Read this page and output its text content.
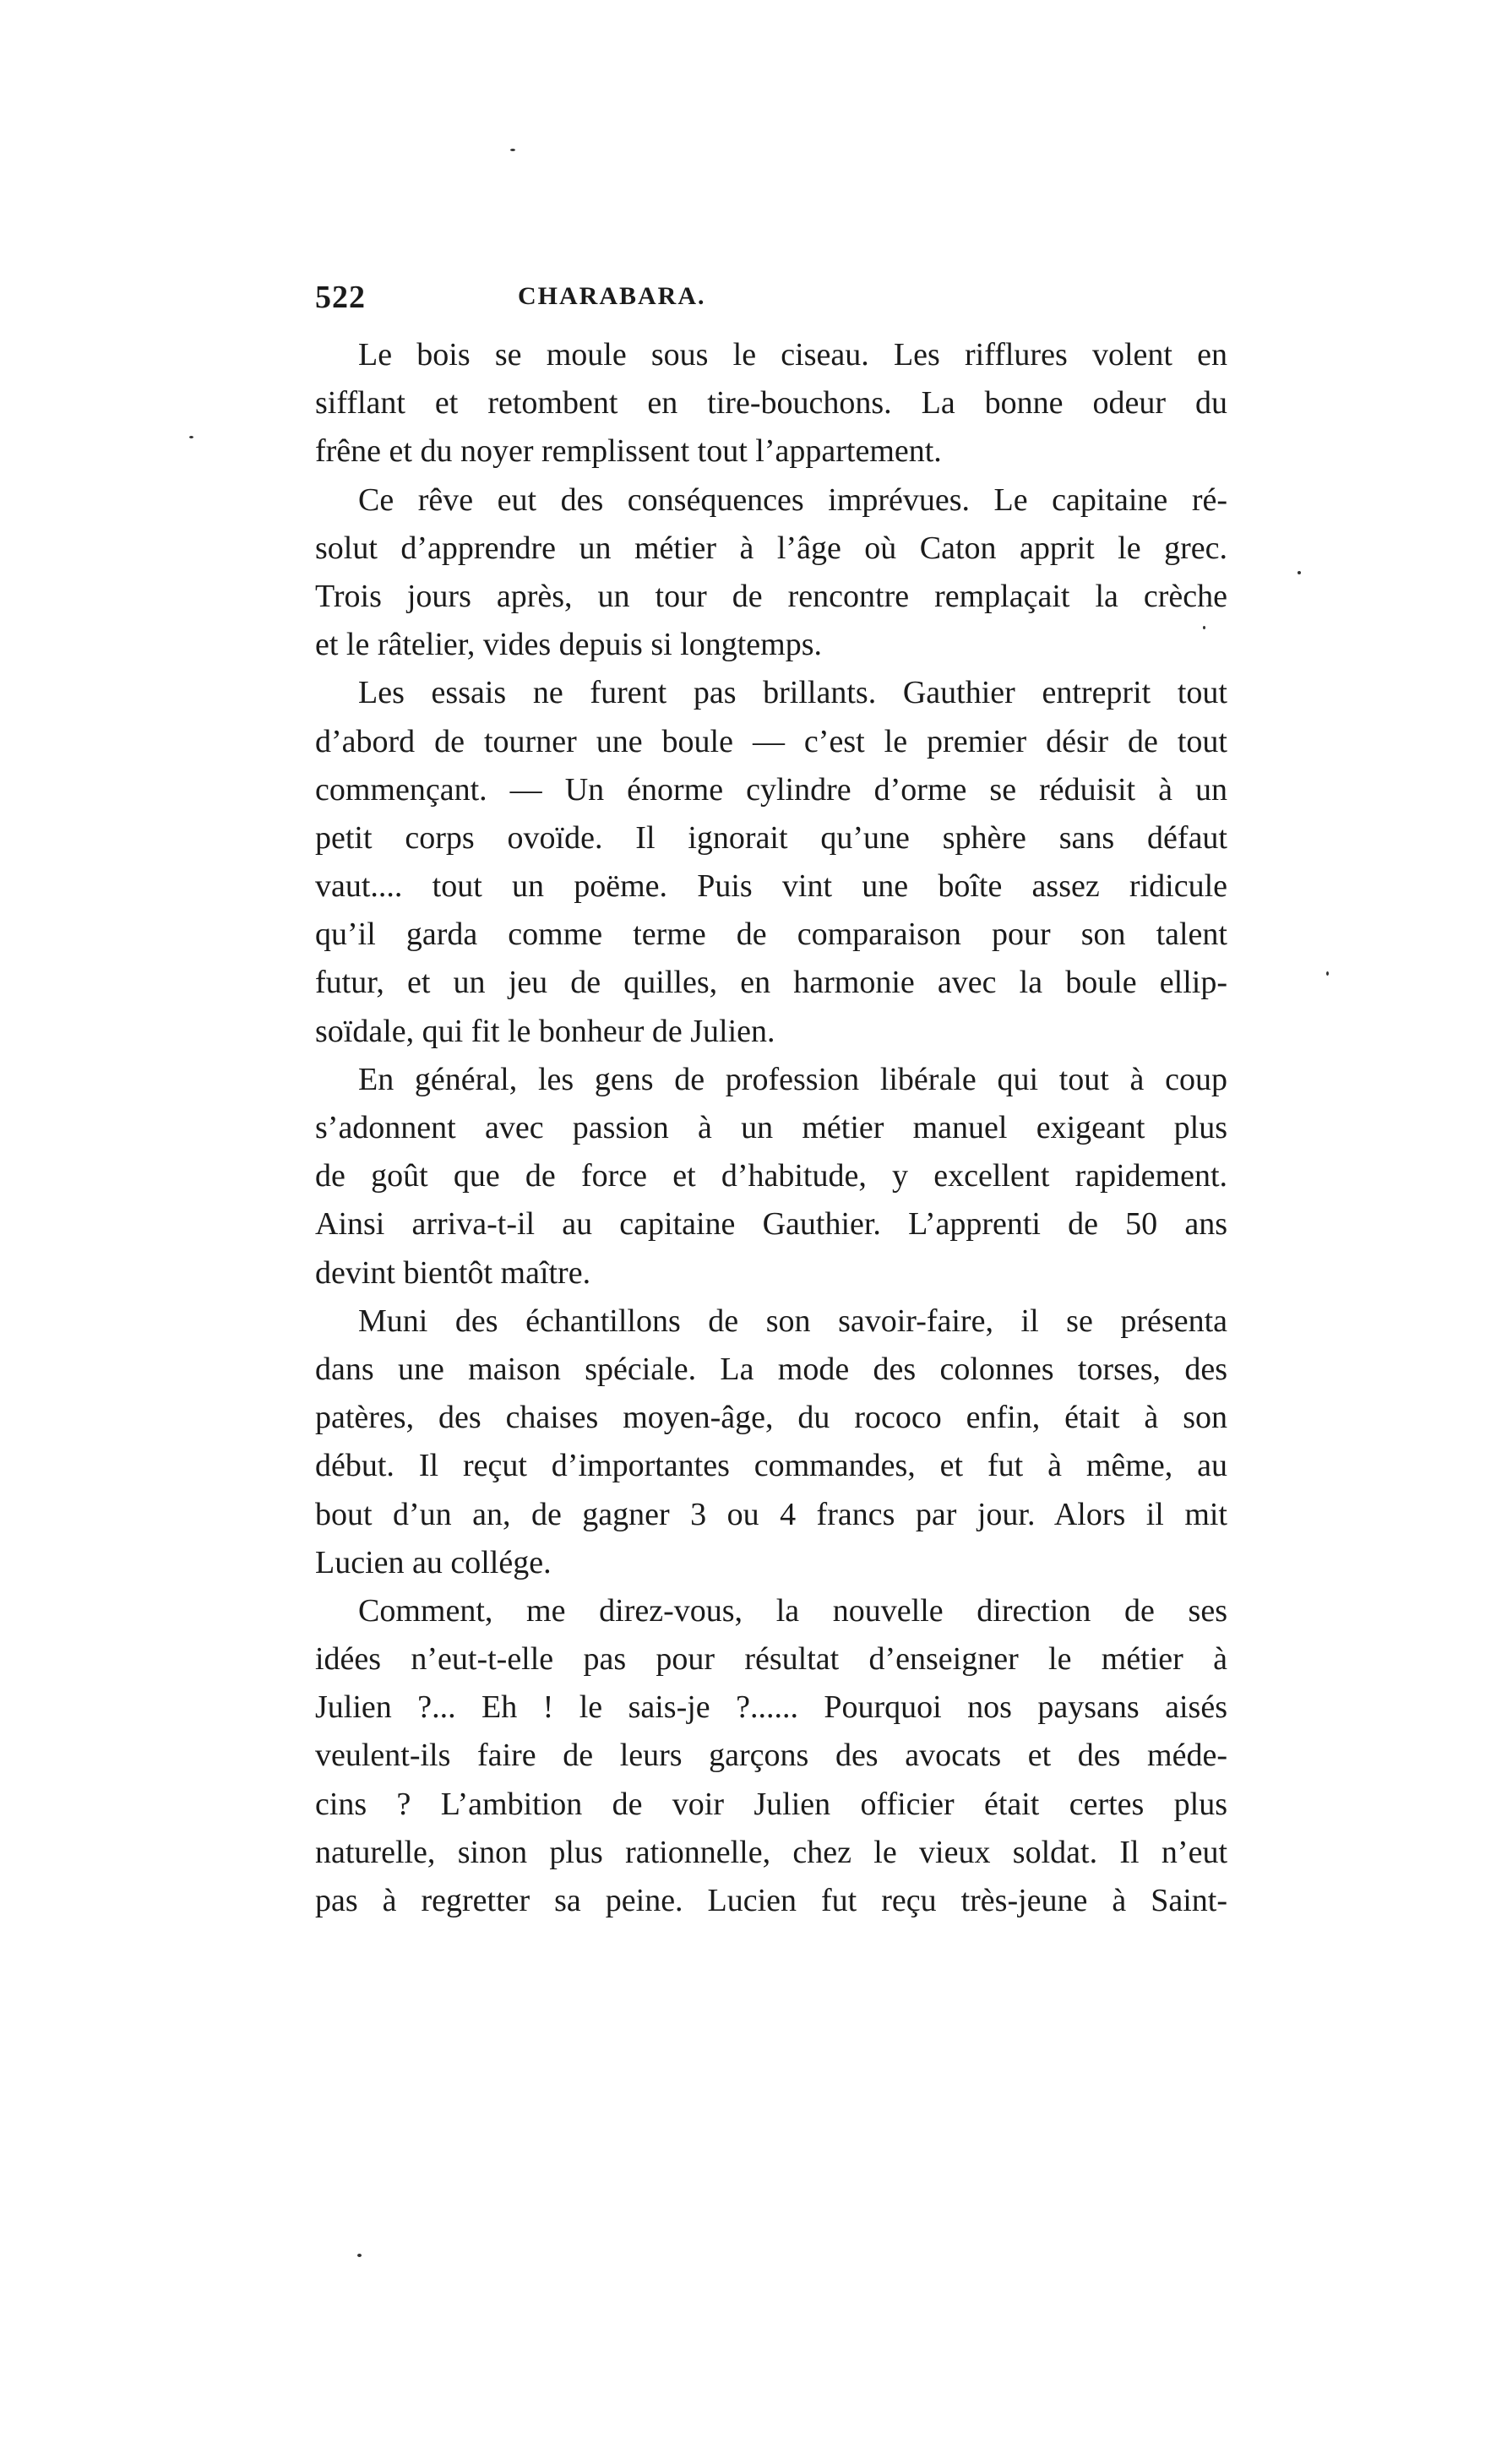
522	CHARABARA.
Le bois se moule sous le ciseau. Les rifflures volent en
sifflant et retombent en tire-bouchons. La bonne odeur du
frêne et du noyer remplissent tout l’appartement.
Ce rêve eut des conséquences imprévues. Le capitaine ré-
solut d’apprendre un métier à l’âge où Caton apprit le grec.
Trois jours après, un tour de rencontre remplaçait la crèche
et le râtelier, vides depuis si longtemps.
Les essais ne furent pas brillants. Gauthier entreprit tout
d’abord de tourner une boule — c’est le premier désir de tout
commençant. — Un énorme cylindre d’orme se réduisit à un
petit corps ovoïde. Il ignorait qu’une sphère sans défaut
vaut.... tout un poëme. Puis vint une boîte assez ridicule
qu’il garda comme terme de comparaison pour son talent
futur, et un jeu de quilles, en harmonie avec la boule ellip-
soïdale, qui fit le bonheur de Julien.
En général, les gens de profession libérale qui tout à coup
s’adonnent avec passion à un métier manuel exigeant plus
de goût que de force et d’habitude, y excellent rapidement.
Ainsi arriva-t-il au capitaine Gauthier. L’apprenti de 50 ans
devint bientôt maître.
Muni des échantillons de son savoir-faire, il se présenta
dans une maison spéciale. La mode des colonnes torses, des
patères, des chaises moyen-âge, du rococo enfin, était à son
début. Il reçut d’importantes commandes, et fut à même, au
bout d’un an, de gagner 3 ou 4 francs par jour. Alors il mit
Lucien au collége.
Comment, me direz-vous, la nouvelle direction de ses
idées n’eut-t-elle pas pour résultat d’enseigner le métier à
Julien ?... Eh ! le sais-je ?...... Pourquoi nos paysans aisés
veulent-ils faire de leurs garçons des avocats et des méde-
cins ? L’ambition de voir Julien officier était certes plus
naturelle, sinon plus rationnelle, chez le vieux soldat. Il n’eut
pas à regretter sa peine. Lucien fut reçu très-jeune à Saint-
